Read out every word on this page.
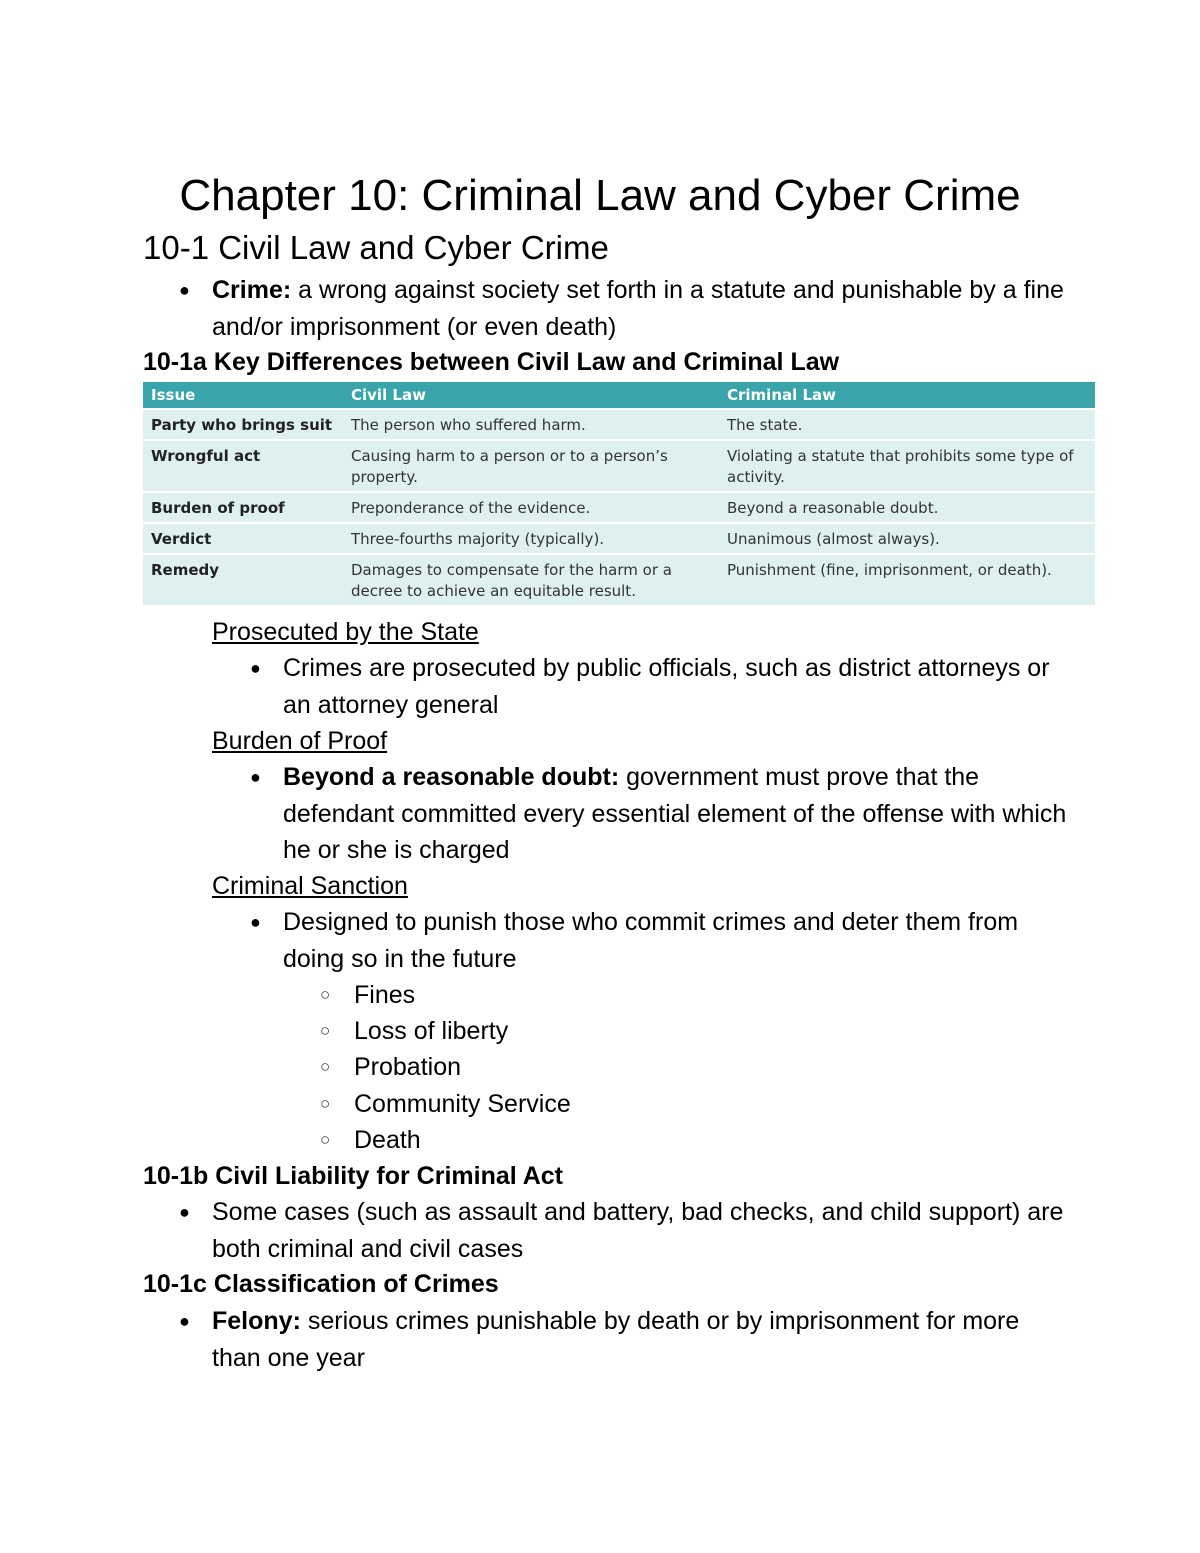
Chapter 10: Criminal Law and Cyber Crime
10-1 Civil Law and Cyber Crime
● Crime: a wrong against society set forth in a statute and punishable by a fine and/or imprisonment (or even death)
10-1a Key Differences between Civil Law and Criminal Law
Issue	Civil Law	Criminal Law
Party who brings suit	The person who suffered harm.	The state.
Wrongful act	Causing harm to a person or to a person’s property.	Violating a statute that prohibits some type of activity.
Burden of proof	Preponderance of the evidence.	Beyond a reasonable doubt.
Verdict	Three-fourths majority (typically).	Unanimous (almost always).
Remedy	Damages to compensate for the harm or a decree to achieve an equitable result.	Punishment (fine, imprisonment, or death).
Prosecuted by the State
● Crimes are prosecuted by public officials, such as district attorneys or an attorney general
Burden of Proof
● Beyond a reasonable doubt: government must prove that the defendant committed every essential element of the offense with which he or she is charged
Criminal Sanction
● Designed to punish those who commit crimes and deter them from doing so in the future
○ Fines
○ Loss of liberty
○ Probation
○ Community Service
○ Death
10-1b Civil Liability for Criminal Act
● Some cases (such as assault and battery, bad checks, and child support) are both criminal and civil cases
10-1c Classification of Crimes
● Felony: serious crimes punishable by death or by imprisonment for more than one year
